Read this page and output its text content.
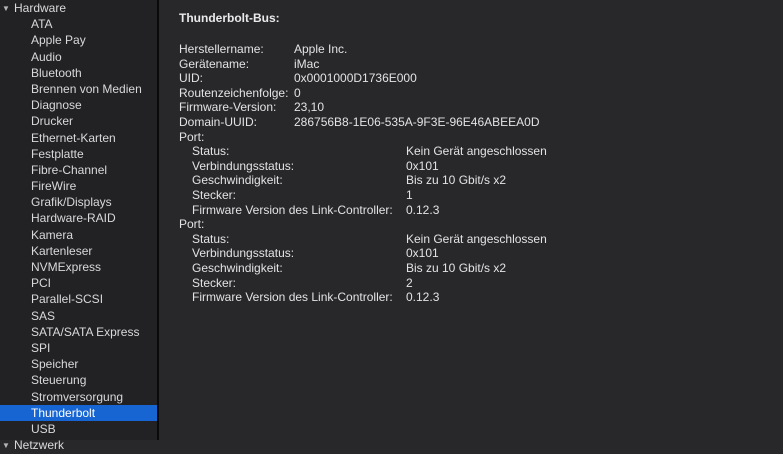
▼ Hardware
ATA
Apple Pay
Audio
Bluetooth
Brennen von Medien
Diagnose
Drucker
Ethernet-Karten
Festplatte
Fibre-Channel
FireWire
Grafik/Displays
Hardware-RAID
Kamera
Kartenleser
NVMExpress
PCI
Parallel-SCSI
SAS
SATA/SATA Express
SPI
Speicher
Steuerung
Stromversorgung
Thunderbolt
USB
▼ Netzwerk
Thunderbolt-Bus:
Herstellername:	Apple Inc.
Gerätename:	iMac
UID:	0x0001000D1736E000
Routenzeichenfolge: 0
Firmware-Version:	23,10
Domain-UUID:	286756B8-1E06-535A-9F3E-96E46ABEEA0D
Port:
Status:	Kein Gerät angeschlossen
Verbindungsstatus:	0x101
Geschwindigkeit:	Bis zu 10 Gbit/s x2
Stecker:	1
Firmware Version des Link-Controller:	0.12.3
Port:
Status:	Kein Gerät angeschlossen
Verbindungsstatus:	0x101
Geschwindigkeit:	Bis zu 10 Gbit/s x2
Stecker:	2
Firmware Version des Link-Controller:	0.12.3
